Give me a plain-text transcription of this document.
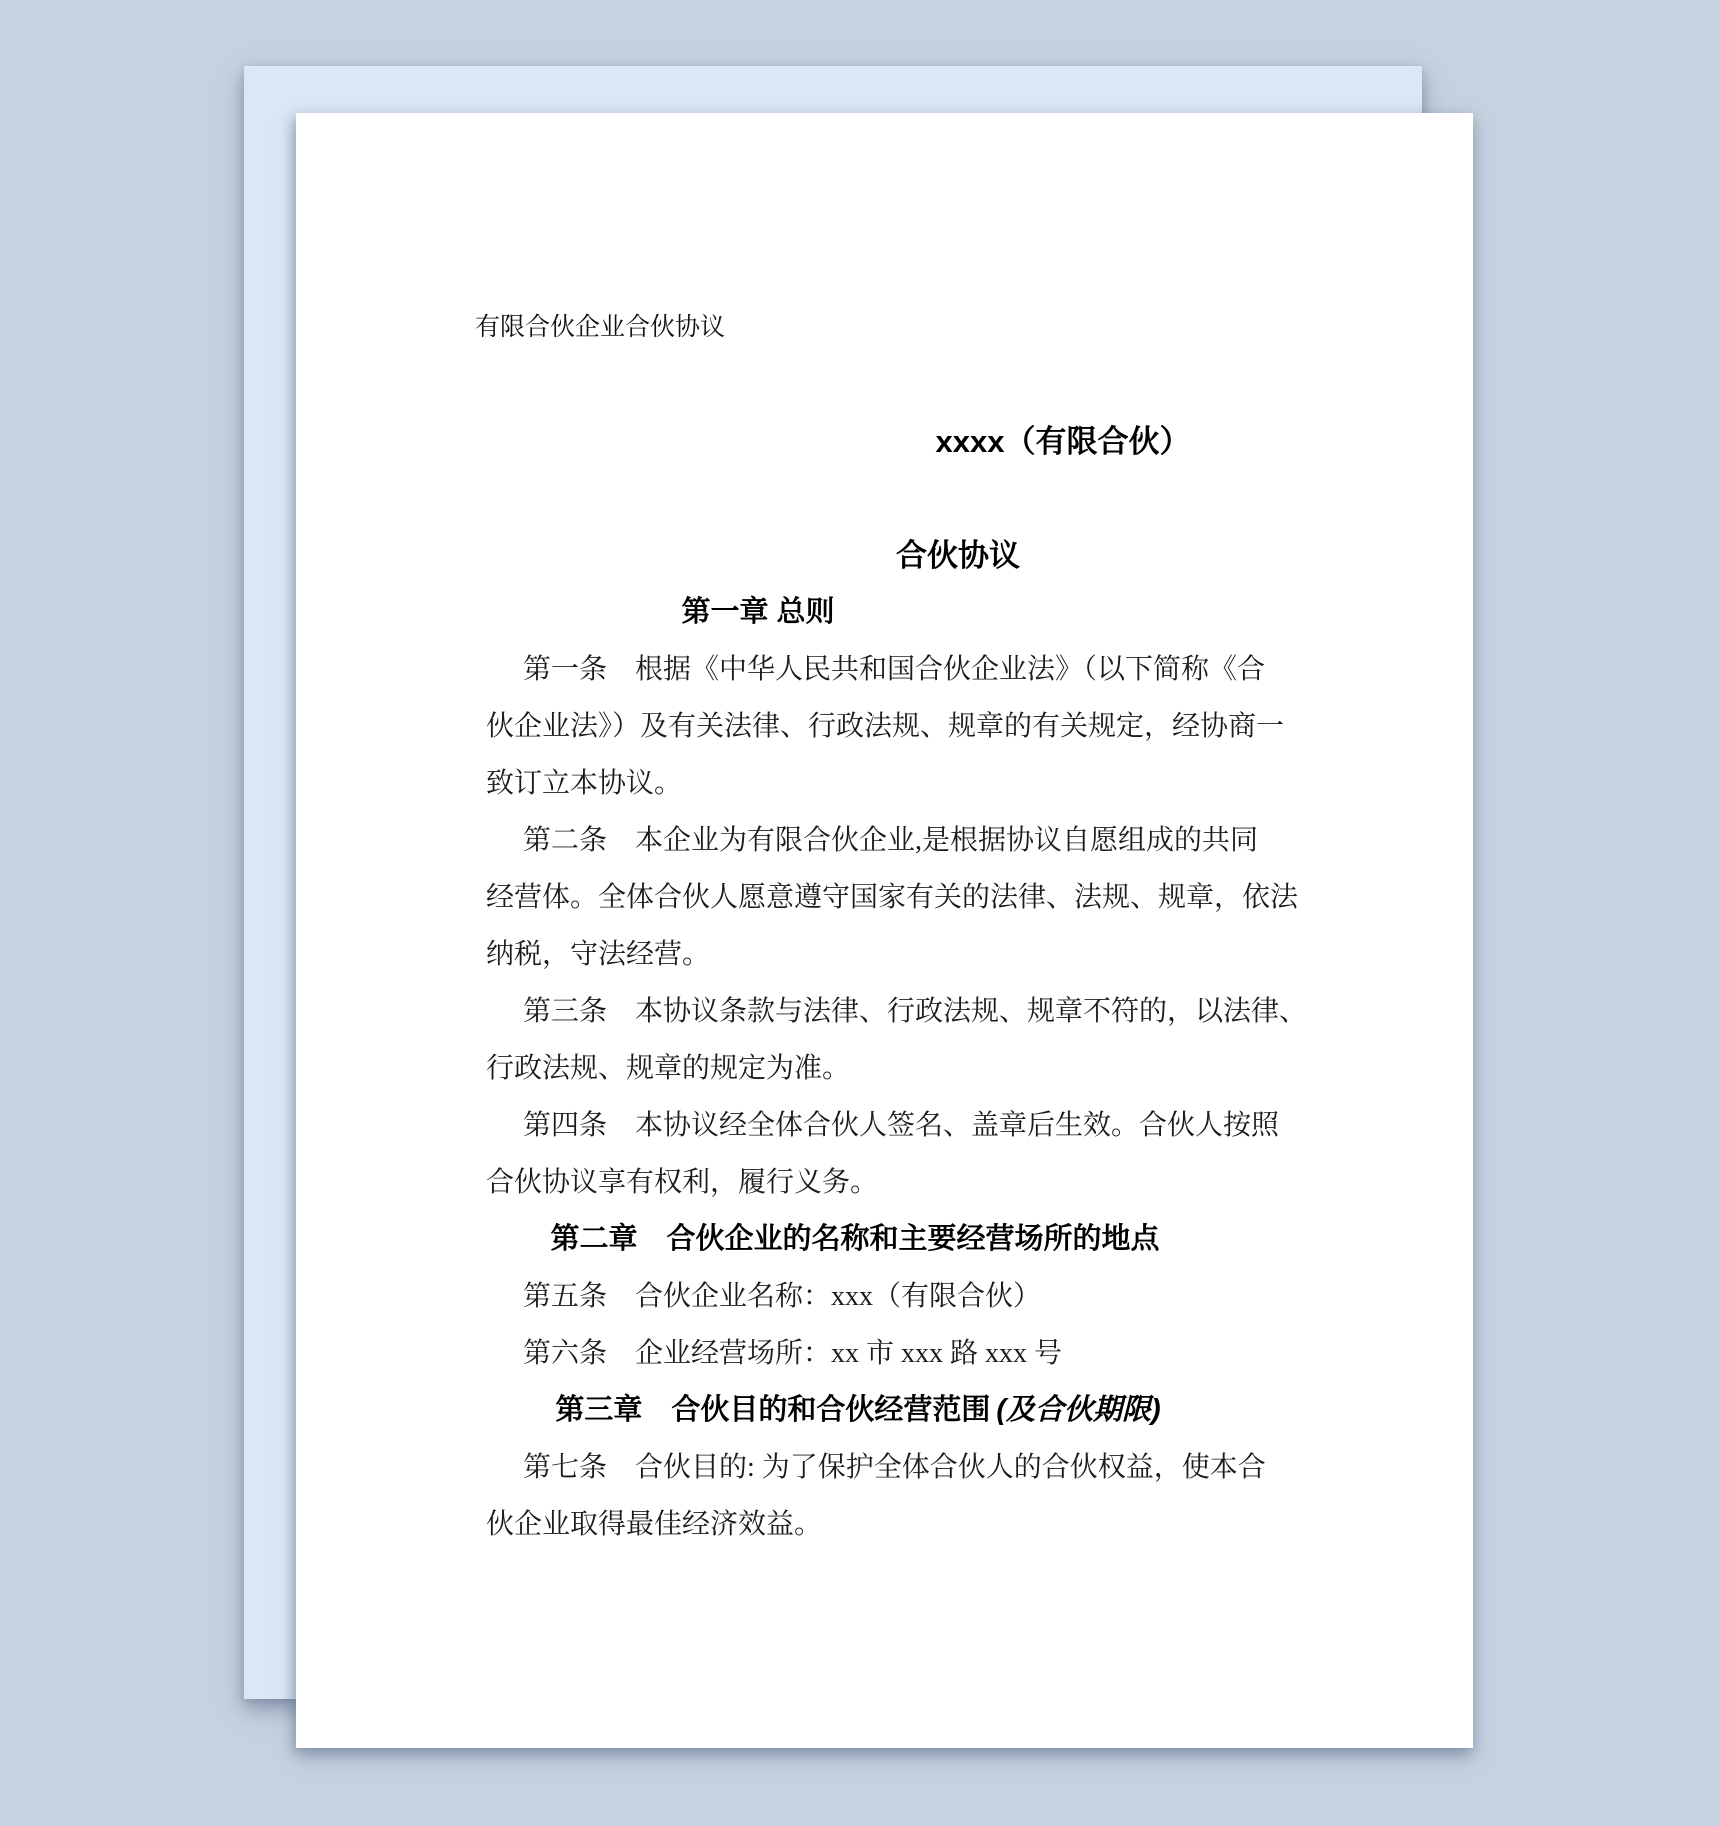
有限合伙企业合伙协议
xxxx（有限合伙）
合伙协议
第一章 总则
第一条　根据《中华人民共和国合伙企业法》（以下简称《合
伙企业法》）及有关法律、行政法规、规章的有关规定，经协商一
致订立本协议。
第二条　本企业为有限合伙企业,是根据协议自愿组成的共同
经营体。全体合伙人愿意遵守国家有关的法律、法规、规章，依法
纳税，守法经营。
第三条　本协议条款与法律、行政法规、规章不符的，以法律、
行政法规、规章的规定为准。
第四条　本协议经全体合伙人签名、盖章后生效。合伙人按照
合伙协议享有权利，履行义务。
第二章　合伙企业的名称和主要经营场所的地点
第五条　合伙企业名称：xxx（有限合伙）
第六条　企业经营场所：xx 市 xxx 路 xxx 号
第三章　合伙目的和合伙经营范围 (及合伙期限)
第七条　合伙目的: 为了保护全体合伙人的合伙权益，使本合
伙企业取得最佳经济效益。
